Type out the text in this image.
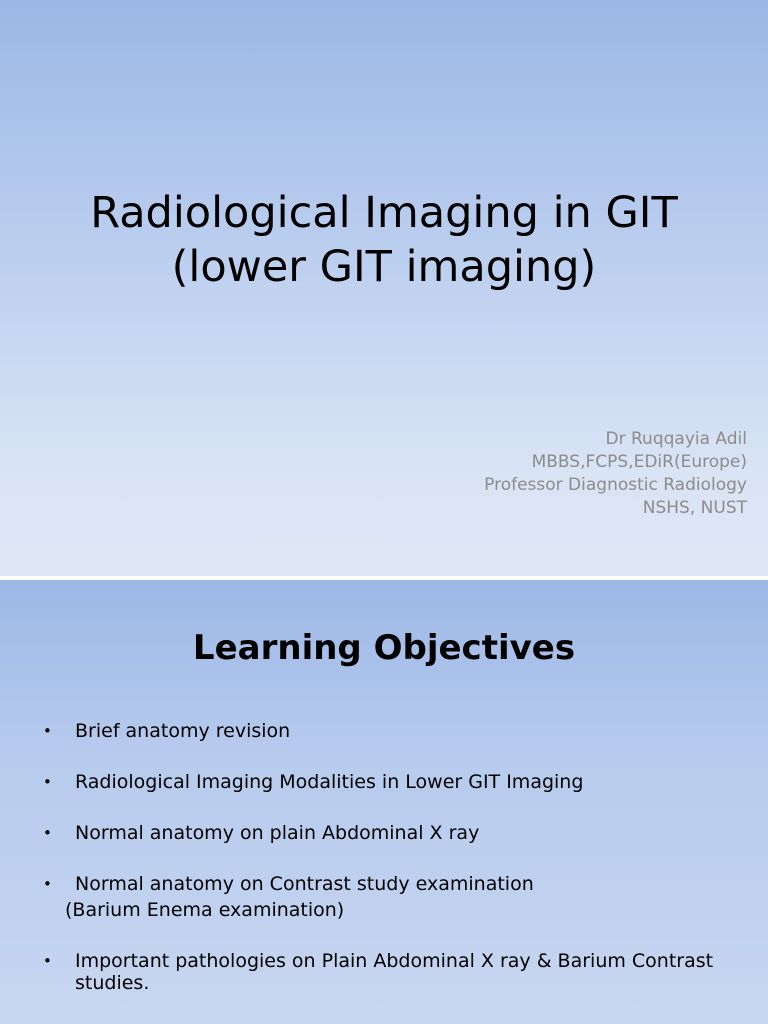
Radiological Imaging in GIT
(lower GIT imaging)
Dr Ruqqayia Adil
MBBS,FCPS,EDiR(Europe)
Professor Diagnostic Radiology
NSHS, NUST
Learning Objectives
• Brief anatomy revision
• Radiological Imaging Modalities in Lower GIT Imaging
• Normal anatomy on plain Abdominal X ray
• Normal anatomy on Contrast study examination
(Barium Enema examination)
• Important pathologies on Plain Abdominal X ray & Barium Contrast studies.
